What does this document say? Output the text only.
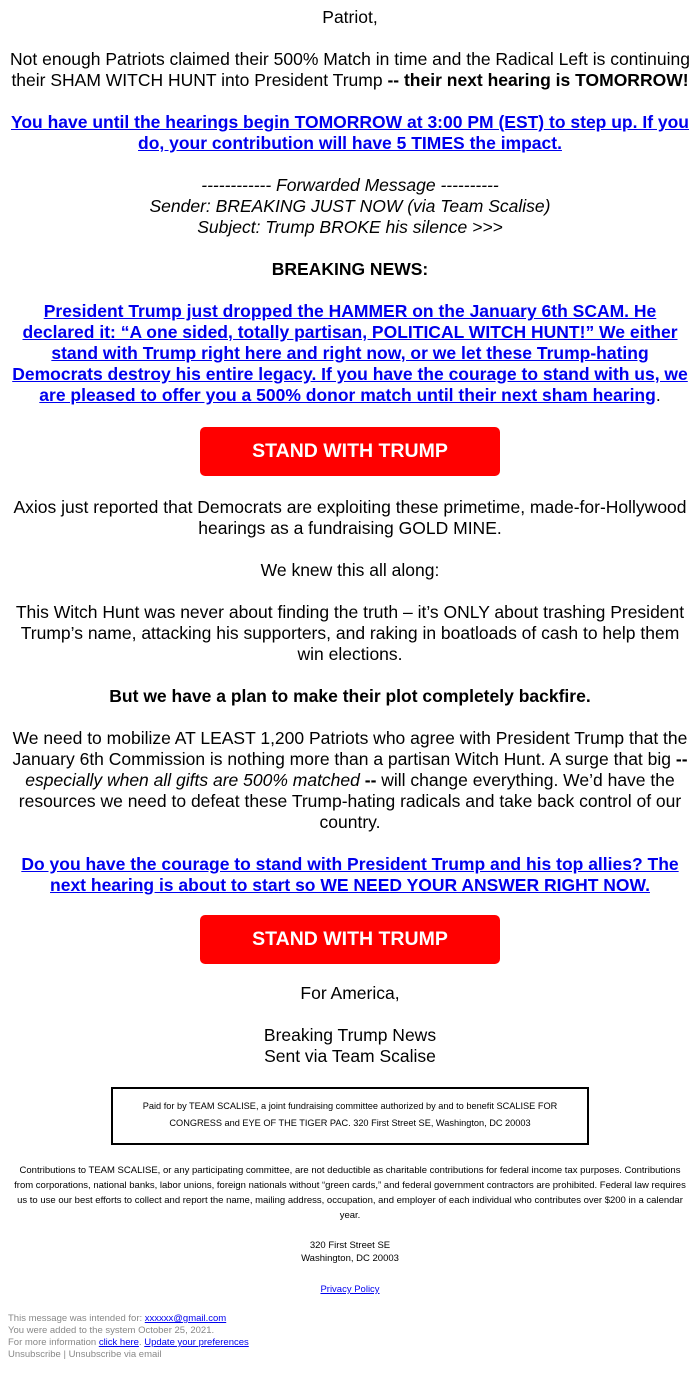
Patriot,

Not enough Patriots claimed their 500% Match in time and the Radical Left is continuing their SHAM WITCH HUNT into President Trump -- their next hearing is TOMORROW!

You have until the hearings begin TOMORROW at 3:00 PM (EST) to step up. If you do, your contribution will have 5 TIMES the impact.

------------ Forwarded Message ----------
Sender: BREAKING JUST NOW (via Team Scalise)
Subject: Trump BROKE his silence >>>

BREAKING NEWS:

President Trump just dropped the HAMMER on the January 6th SCAM. He declared it: “A one sided, totally partisan, POLITICAL WITCH HUNT!” We either stand with Trump right here and right now, or we let these Trump-hating Democrats destroy his entire legacy. If you have the courage to stand with us, we are pleased to offer you a 500% donor match until their next sham hearing.

STAND WITH TRUMP

Axios just reported that Democrats are exploiting these primetime, made-for-Hollywood hearings as a fundraising GOLD MINE.

We knew this all along:

This Witch Hunt was never about finding the truth – it’s ONLY about trashing President Trump’s name, attacking his supporters, and raking in boatloads of cash to help them win elections.

But we have a plan to make their plot completely backfire.

We need to mobilize AT LEAST 1,200 Patriots who agree with President Trump that the January 6th Commission is nothing more than a partisan Witch Hunt. A surge that big -- especially when all gifts are 500% matched -- will change everything. We’d have the resources we need to defeat these Trump-hating radicals and take back control of our country.

Do you have the courage to stand with President Trump and his top allies? The next hearing is about to start so WE NEED YOUR ANSWER RIGHT NOW.

STAND WITH TRUMP

For America,

Breaking Trump News
Sent via Team Scalise

Paid for by TEAM SCALISE, a joint fundraising committee authorized by and to benefit SCALISE FOR CONGRESS and EYE OF THE TIGER PAC. 320 First Street SE, Washington, DC 20003

Contributions to TEAM SCALISE, or any participating committee, are not deductible as charitable contributions for federal income tax purposes. Contributions from corporations, national banks, labor unions, foreign nationals without “green cards,” and federal government contractors are prohibited. Federal law requires us to use our best efforts to collect and report the name, mailing address, occupation, and employer of each individual who contributes over $200 in a calendar year.

320 First Street SE
Washington, DC 20003

Privacy Policy

This message was intended for: xxxxxx@gmail.com
You were added to the system October 25, 2021.
For more information click here. Update your preferences
Unsubscribe | Unsubscribe via email
